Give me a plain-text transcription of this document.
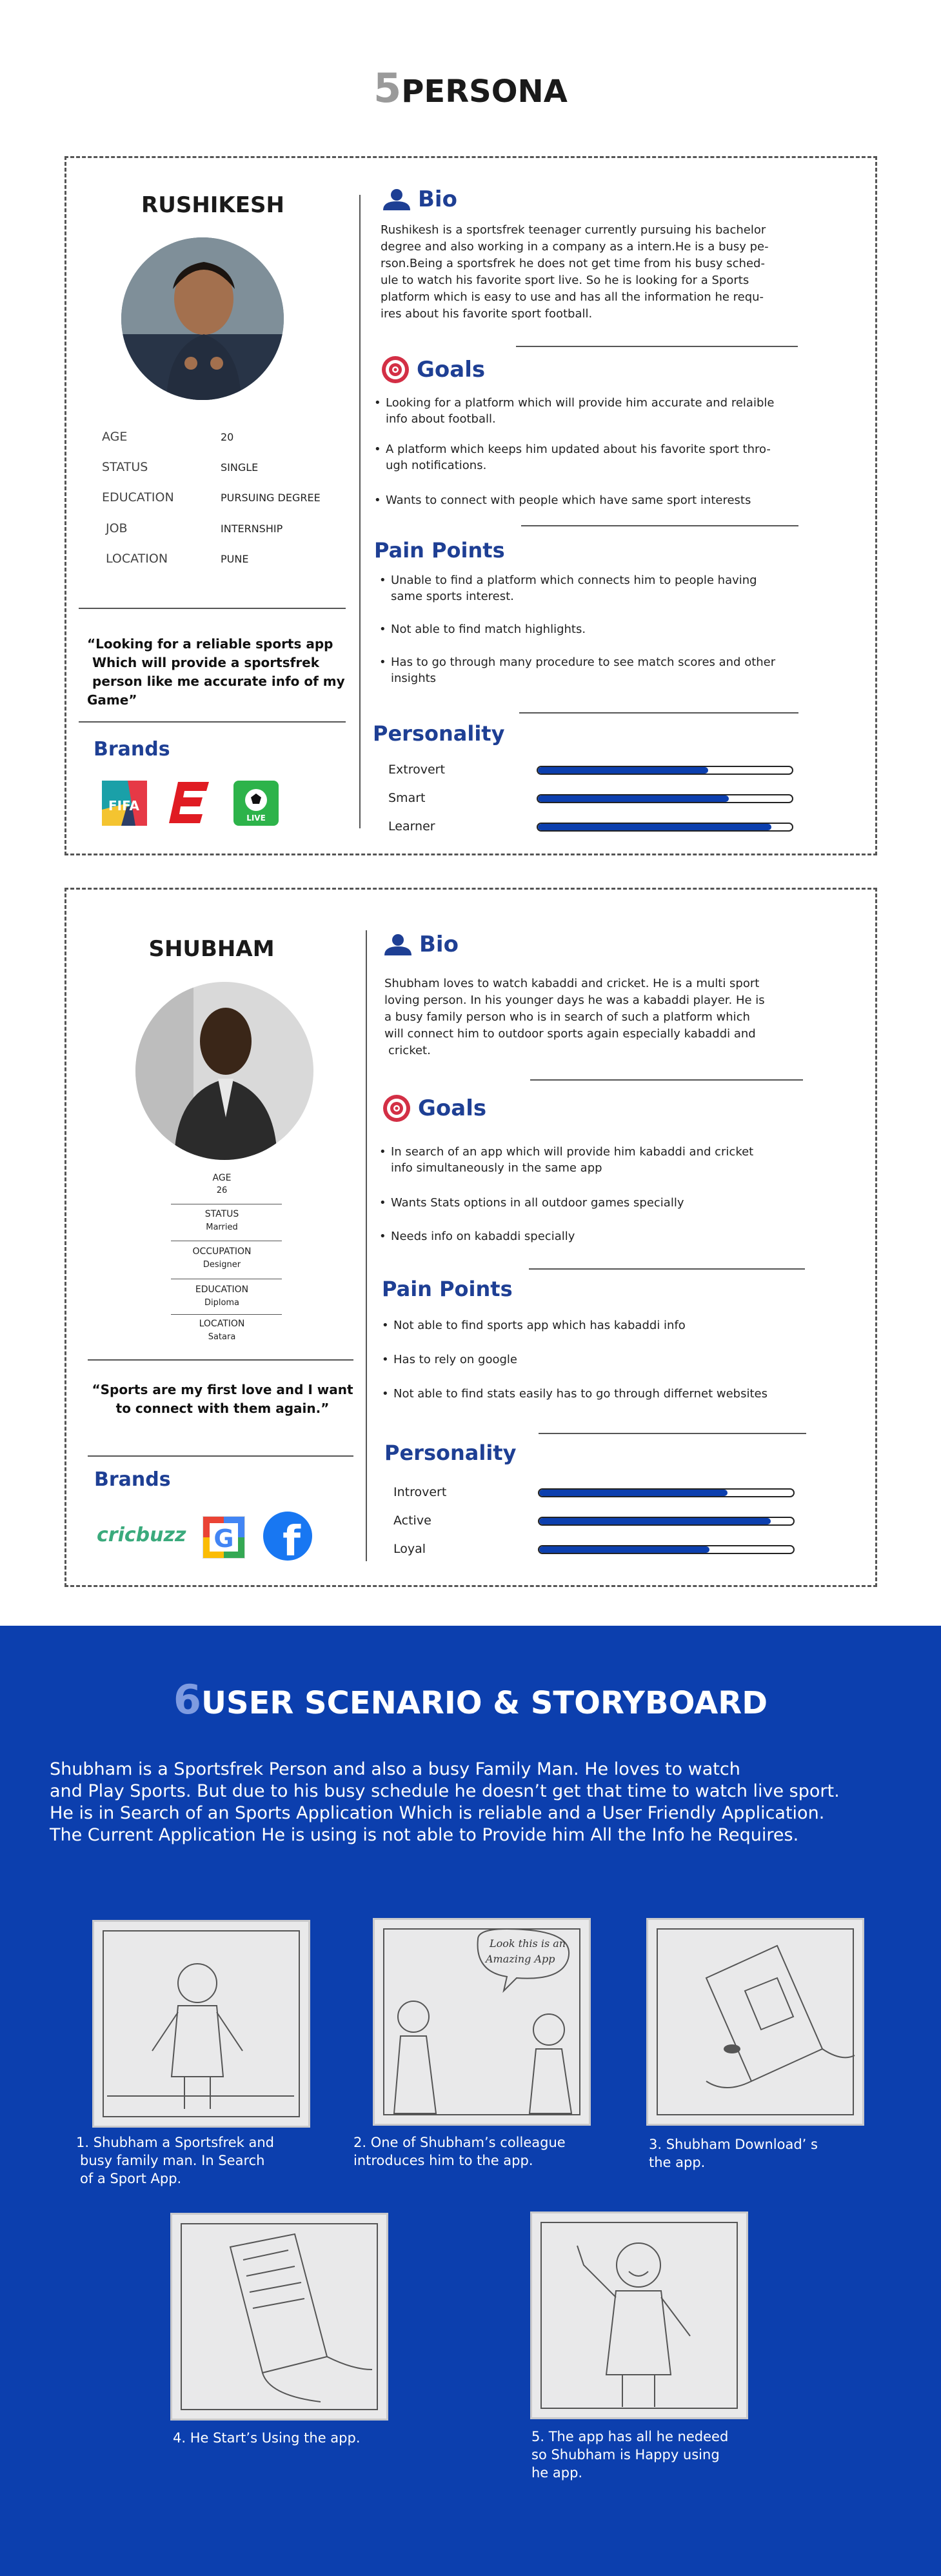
5PERSONA
RUSHIKESH
AGE	20
STATUS	SINGLE
EDUCATION	PURSUING DEGREE
JOB	INTERNSHIP
LOCATION	PUNE
“Looking for a reliable sports app
Which will provide a sportsfrek
person like me accurate info of my
Game”
Brands
FIFA
LIVE
Bio
Rushikesh is a sportsfrek teenager currently pursuing his bachelor
degree and also working in a company as a intern.He is a busy pe-
rson.Being a sportsfrek he does not get time from his busy sched-
ule to watch his favorite sport live. So he is looking for a Sports
platform which is easy to use and has all the information he requ-
ires about his favorite sport football.
Goals
• Looking for a platform which will provide him accurate and relaible
info about football.
• A platform which keeps him updated about his favorite sport thro-
ugh notifications.
• Wants to connect with people which have same sport interests
Pain Points
• Unable to find a platform which connects him to people having
same sports interest.
• Not able to find match highlights.
• Has to go through many procedure to see match scores and other
insights
Personality
Extrovert
Smart
Learner
SHUBHAM
AGE
26
STATUS
Married
OCCUPATION
Designer
EDUCATION
Diploma
LOCATION
Satara
“Sports are my first love and I want
to connect with them again.”
Brands
cricbuzz G f
Bio
Shubham loves to watch kabaddi and cricket. He is a multi sport
loving person. In his younger days he was a kabaddi player. He is
a busy family person who is in search of such a platform which
will connect him to outdoor sports again especially kabaddi and
cricket.
Goals
• In search of an app which will provide him kabaddi and cricket
info simultaneously in the same app
• Wants Stats options in all outdoor games specially
• Needs info on kabaddi specially
Pain Points
• Not able to find sports app which has kabaddi info
• Has to rely on google
• Not able to find stats easily has to go through differnet websites
Personality
Introvert
Active
Loyal
6USER SCENARIO & STORYBOARD
Shubham is a Sportsfrek Person and also a busy Family Man. He loves to watch
and Play Sports. But due to his busy schedule he doesn’t get that time to watch live sport.
He is in Search of an Sports Application Which is reliable and a User Friendly Application.
The Current Application He is using is not able to Provide him All the Info he Requires.
1. Shubham a Sportsfrek and
busy family man. In Search
of a Sport App.
Look this is an
Amazing App
2. One of Shubham’s colleague
introduces him to the app.
3. Shubham Download’ s
the app.
4. He Start’s Using the app.	5. The app has all he nedeed
so Shubham is Happy using
he app.
